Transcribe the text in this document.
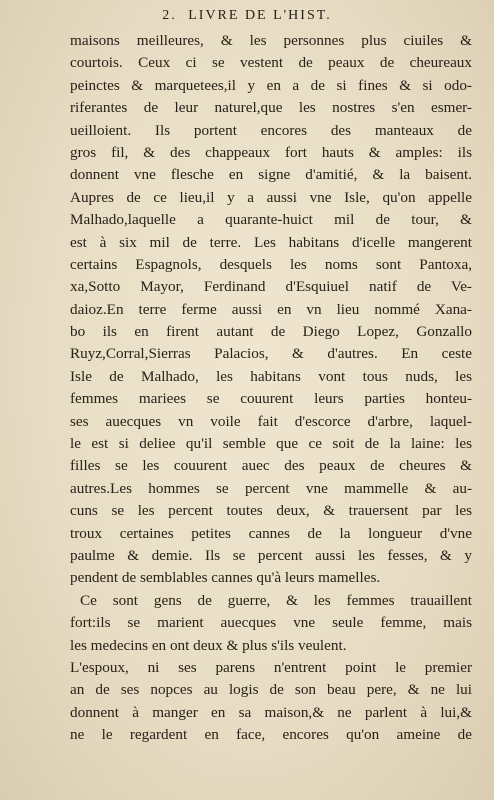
2. LIVRE DE L'HIST.
maisons meilleures, & les personnes plus ciuiles &
courtois. Ceux ci se vestent de peaux de cheureaux
peinctes & marquetees,il y en a de si fines & si odo-
riferantes de leur naturel,que les nostres s'en esmer-
ueilloient. Ils portent encores des manteaux de
gros fil, & des chappeaux fort hauts & amples: ils
donnent vne flesche en signe d'amitié, & la baisent.
Aupres de ce lieu,il y a aussi vne Isle, qu'on appelle
Malhado,laquelle a quarante-huict mil de tour, &
est à six mil de terre. Les habitans d'icelle mangerent
certains Espagnols, desquels les noms sont Pantoxa,
xa,Sotto Mayor, Ferdinand d'Esquiuel natif de Ve-
daioz.En terre ferme aussi en vn lieu nommé Xana-
bo ils en firent autant de Diego Lopez, Gonzallo
Ruyz,Corral,Sierras Palacios, & d'autres. En ceste
Isle de Malhado, les habitans vont tous nuds, les
femmes mariees se couurent leurs parties honteu-
ses auecques vn voile fait d'escorce d'arbre, laquel-
le est si deliee qu'il semble que ce soit de la laine: les
filles se les couurent auec des peaux de cheures &
autres.Les hommes se percent vne mammelle & au-
cuns se les percent toutes deux, & trauersent par les
troux certaines petites cannes de la longueur d'vne
paulme & demie. Ils se percent aussi les fesses, & y
pendent de semblables cannes qu'à leurs mamelles.
Ce sont gens de guerre, & les femmes trauaillent
fort:ils se marient auecques vne seule femme, mais
les medecins en ont deux & plus s'ils veulent.
L'espoux, ni ses parens n'entrent point le premier
an de ses nopces au logis de son beau pere, & ne lui
donnent à manger en sa maison,& ne parlent à lui,&
ne le regardent en face, encores qu'on ameine de
